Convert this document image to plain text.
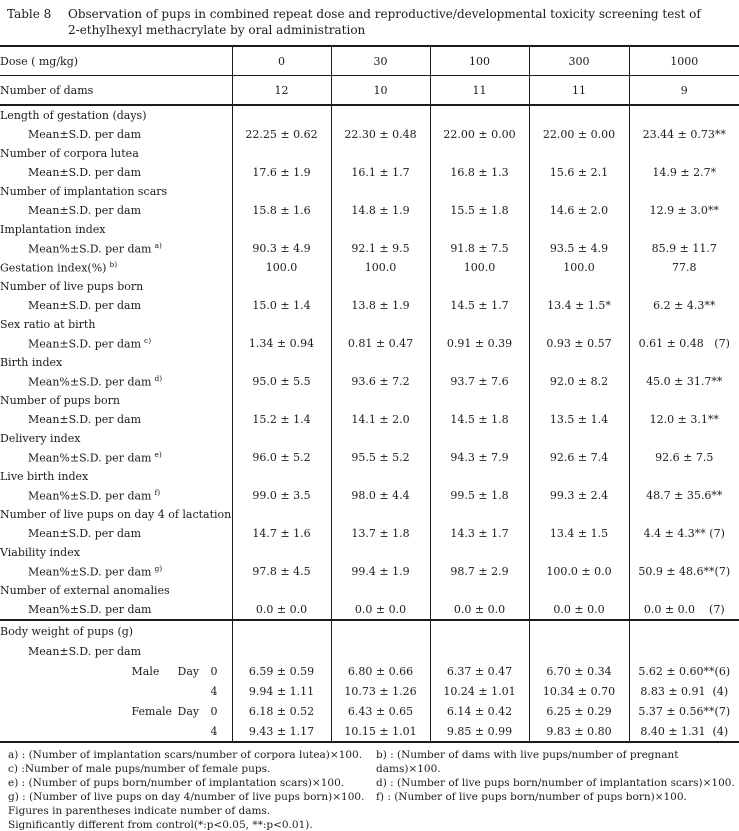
Table 8	Observation of pups in combined repeat dose and reproductive/developmental toxicity screening test of
2-ethylhexyl methacrylate by oral administration
Dose ( mg/kg)	0	30	100	300	1000
Number of dams	12	10	11	11	9
Length of gestation (days)					
Mean±S.D. per dam	22.25 ± 0.62	22.30 ± 0.48	22.00 ± 0.00	22.00 ± 0.00	23.44 ± 0.73**
Number of corpora lutea					
Mean±S.D. per dam	17.6 ± 1.9	16.1 ± 1.7	16.8 ± 1.3	15.6 ± 2.1	14.9 ± 2.7*
Number of implantation scars					
Mean±S.D. per dam	15.8 ± 1.6	14.8 ± 1.9	15.5 ± 1.8	14.6 ± 2.0	12.9 ± 3.0**
Implantation index					
Mean%±S.D. per dam $^{a)}$	90.3 ± 4.9	92.1 ± 9.5	91.8 ± 7.5	93.5 ± 4.9	85.9 ± 11.7
Gestation index(%) $^{b)}$	100.0	100.0	100.0	100.0	77.8
Number of live pups born					
Mean±S.D. per dam	15.0 ± 1.4	13.8 ± 1.9	14.5 ± 1.7	13.4 ± 1.5*	6.2 ± 4.3**
Sex ratio at birth					
Mean±S.D. per dam $^{c)}$	1.34 ± 0.94	0.81 ± 0.47	0.91 ± 0.39	0.93 ± 0.57	0.61 ± 0.48   (7)
Birth index					
Mean%±S.D. per dam $^{d)}$	95.0 ± 5.5	93.6 ± 7.2	93.7 ± 7.6	92.0 ± 8.2	45.0 ± 31.7**
Number of pups born					
Mean±S.D. per dam	15.2 ± 1.4	14.1 ± 2.0	14.5 ± 1.8	13.5 ± 1.4	12.0 ± 3.1**
Delivery index					
Mean%±S.D. per dam $^{e)}$	96.0 ± 5.2	95.5 ± 5.2	94.3 ± 7.9	92.6 ± 7.4	92.6 ± 7.5
Live birth index					
Mean%±S.D. per dam $^{f)}$	99.0 ± 3.5	98.0 ± 4.4	99.5 ± 1.8	99.3 ± 2.4	48.7 ± 35.6**
Number of live pups on day 4 of lactation					
Mean±S.D. per dam	14.7 ± 1.6	13.7 ± 1.8	14.3 ± 1.7	13.4 ± 1.5	4.4 ± 4.3** (7)
Viability index					
Mean%±S.D. per dam $^{g)}$	97.8 ± 4.5	99.4 ± 1.9	98.7 ± 2.9	100.0 ± 0.0	50.9 ± 48.6**(7)
Number of external anomalies					
Mean%±S.D. per dam	0.0 ± 0.0	0.0 ± 0.0	0.0 ± 0.0	0.0 ± 0.0	0.0 ± 0.0    (7)
Body weight of pups (g)					
Mean±S.D. per dam					

Male Day 0	6.59 ± 0.59	6.80 ± 0.66	6.37 ± 0.47	6.70 ± 0.34	5.62 ± 0.60**(6)

4	9.94 ± 1.11	10.73 ± 1.26	10.24 ± 1.01	10.34 ± 0.70	8.83 ± 0.91  (4)

Female Day 0	6.18 ± 0.52	6.43 ± 0.65	6.14 ± 0.42	6.25 ± 0.29	5.37 ± 0.56**(7)

4	9.43 ± 1.17	10.15 ± 1.01	9.85 ± 0.99	9.83 ± 0.80	8.40 ± 1.31  (4)
a) : (Number of implantation scars/number of corpora lutea)×100.
c) :Number of male pups/number of female pups.
e) : (Number of pups born/number of implantation scars)×100.
g) : (Number of live pups on day 4/number of live pups born)×100.
Figures in parentheses indicate number of dams.
Significantly different from control(*:p<0.05, **:p<0.01).
b) : (Number of dams with live pups/number of pregnant dams)×100.
d) : (Number of live pups born/number of implantation scars)×100.
f) : (Number of live pups born/number of pups born)×100.
